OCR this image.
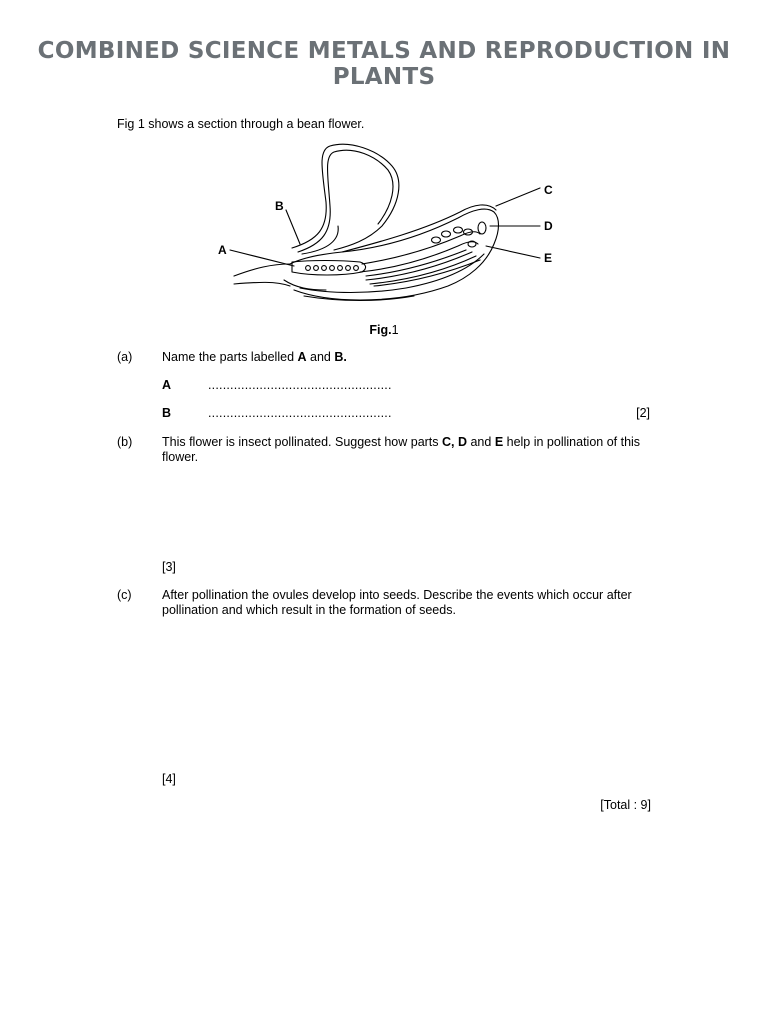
COMBINED SCIENCE METALS AND REPRODUCTION IN PLANTS
Fig 1 shows a section through a bean flower.
A
B
C
D
E
Fig.1
(a) Name the parts labelled A and B.
A	..................................................
B	..................................................	[2]
(b) This flower is insect pollinated. Suggest how parts C, D and E help in pollination of this flower.
[3]
(c) After pollination the ovules develop into seeds. Describe the events which occur after pollination and which result in the formation of seeds.
[4]
[Total : 9]
